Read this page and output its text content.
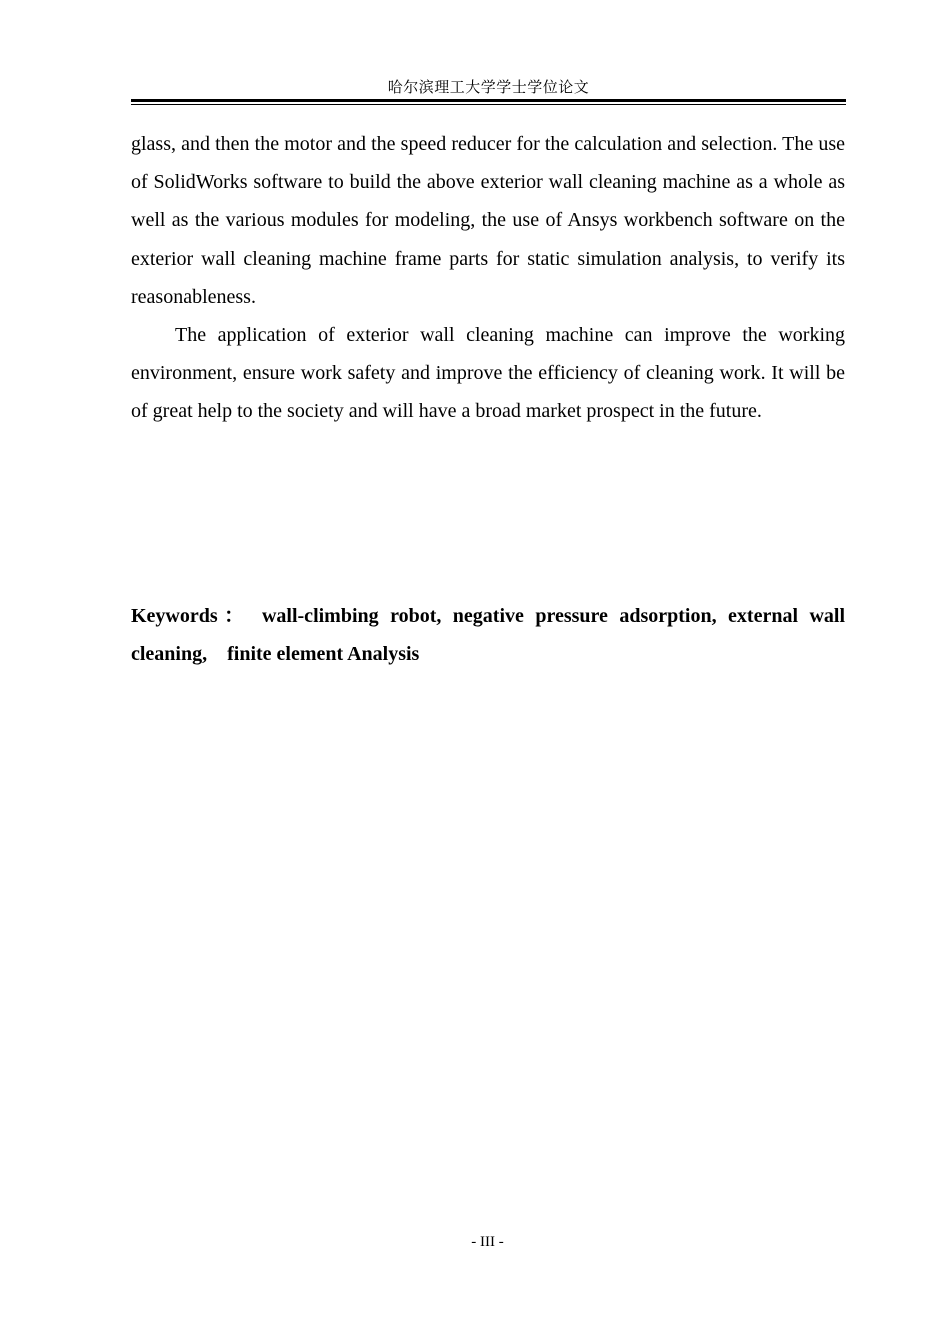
哈尔滨理工大学学士学位论文

glass, and then the motor and the speed reducer for the calculation and selection. The use of SolidWorks software to build the above exterior wall cleaning machine as a whole as well as the various modules for modeling, the use of Ansys workbench software on the exterior wall cleaning machine frame parts for static simulation analysis, to verify its reasonableness.

The application of exterior wall cleaning machine can improve the working environment, ensure work safety and improve the efficiency of cleaning work. It will be of great help to the society and will have a broad market prospect in the future.

Keywords： wall-climbing robot, negative pressure adsorption, external wall cleaning,　finite element Analysis

- III -
